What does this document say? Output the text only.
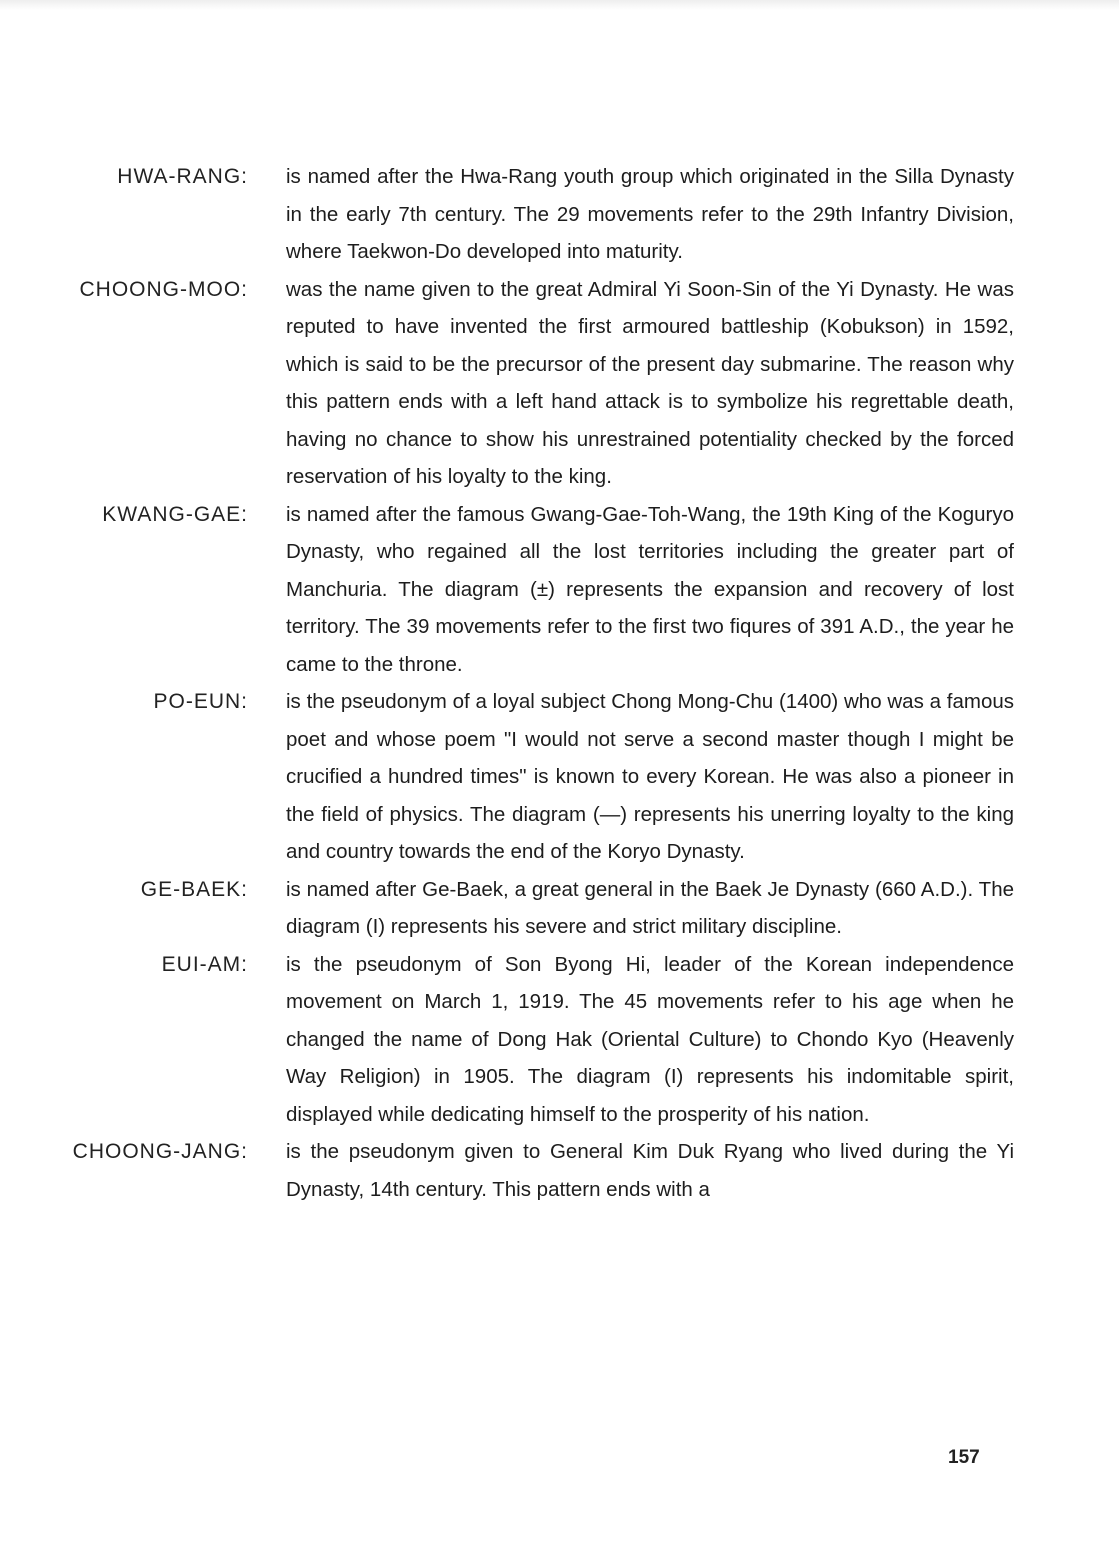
HWA-RANG: is named after the Hwa-Rang youth group which originated in the Silla Dynasty in the early 7th century. The 29 movements refer to the 29th Infantry Division, where Taekwon-Do developed into maturity.
CHOONG-MOO: was the name given to the great Admiral Yi Soon-Sin of the Yi Dynasty. He was reputed to have invented the first armoured battleship (Kobukson) in 1592, which is said to be the precursor of the present day submarine. The reason why this pattern ends with a left hand attack is to symbolize his regrettable death, having no chance to show his unrestrained potentiality checked by the forced reservation of his loyalty to the king.
KWANG-GAE: is named after the famous Gwang-Gae-Toh-Wang, the 19th King of the Koguryo Dynasty, who regained all the lost territories including the greater part of Manchuria. The diagram (±) represents the expansion and recovery of lost territory. The 39 movements refer to the first two fiqures of 391 A.D., the year he came to the throne.
PO-EUN: is the pseudonym of a loyal subject Chong Mong-Chu (1400) who was a famous poet and whose poem "I would not serve a second master though I might be crucified a hundred times" is known to every Korean. He was also a pioneer in the field of physics. The diagram (—) represents his unerring loyalty to the king and country towards the end of the Koryo Dynasty.
GE-BAEK: is named after Ge-Baek, a great general in the Baek Je Dynasty (660 A.D.). The diagram (I) represents his severe and strict military discipline.
EUI-AM: is the pseudonym of Son Byong Hi, leader of the Korean independence movement on March 1, 1919. The 45 movements refer to his age when he changed the name of Dong Hak (Oriental Culture) to Chondo Kyo (Heavenly Way Religion) in 1905. The diagram (I) represents his indomitable spirit, displayed while dedicating himself to the prosperity of his nation.
CHOONG-JANG: is the pseudonym given to General Kim Duk Ryang who lived during the Yi Dynasty, 14th century. This pattern ends with a
157
